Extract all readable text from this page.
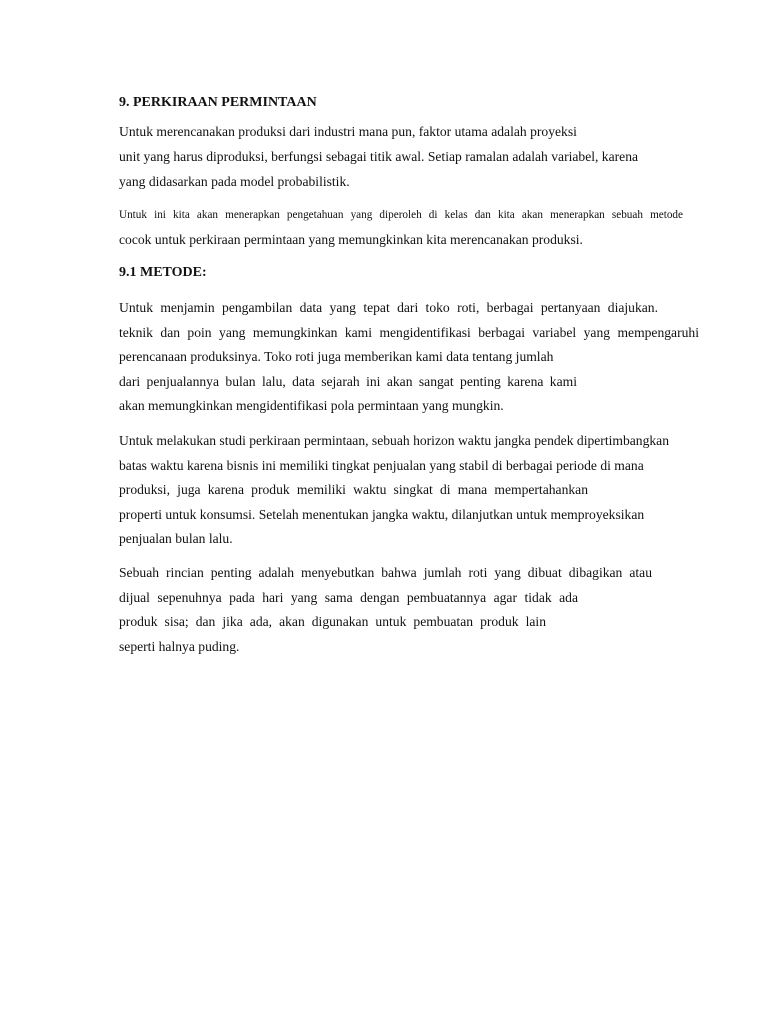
9. PERKIRAAN PERMINTAAN

Untuk merencanakan produksi dari industri mana pun, faktor utama adalah proyeksi

unit yang harus diproduksi, berfungsi sebagai titik awal. Setiap ramalan adalah variabel, karena

yang didasarkan pada model probabilistik.

Untuk ini kita akan menerapkan pengetahuan yang diperoleh di kelas dan kita akan menerapkan sebuah metode

cocok untuk perkiraan permintaan yang memungkinkan kita merencanakan produksi.

9.1 METODE:

Untuk menjamin pengambilan data yang tepat dari toko roti, berbagai pertanyaan diajukan.

teknik dan poin yang memungkinkan kami mengidentifikasi berbagai variabel yang mempengaruhi

perencanaan produksinya. Toko roti juga memberikan kami data tentang jumlah

dari penjualannya bulan lalu, data sejarah ini akan sangat penting karena kami

akan memungkinkan mengidentifikasi pola permintaan yang mungkin.

Untuk melakukan studi perkiraan permintaan, sebuah horizon waktu jangka pendek dipertimbangkan

batas waktu karena bisnis ini memiliki tingkat penjualan yang stabil di berbagai periode di mana

produksi, juga karena produk memiliki waktu singkat di mana mempertahankan

properti untuk konsumsi. Setelah menentukan jangka waktu, dilanjutkan untuk memproyeksikan

penjualan bulan lalu.

Sebuah rincian penting adalah menyebutkan bahwa jumlah roti yang dibuat dibagikan atau

dijual sepenuhnya pada hari yang sama dengan pembuatannya agar tidak ada

produk sisa; dan jika ada, akan digunakan untuk pembuatan produk lain

seperti halnya puding.
